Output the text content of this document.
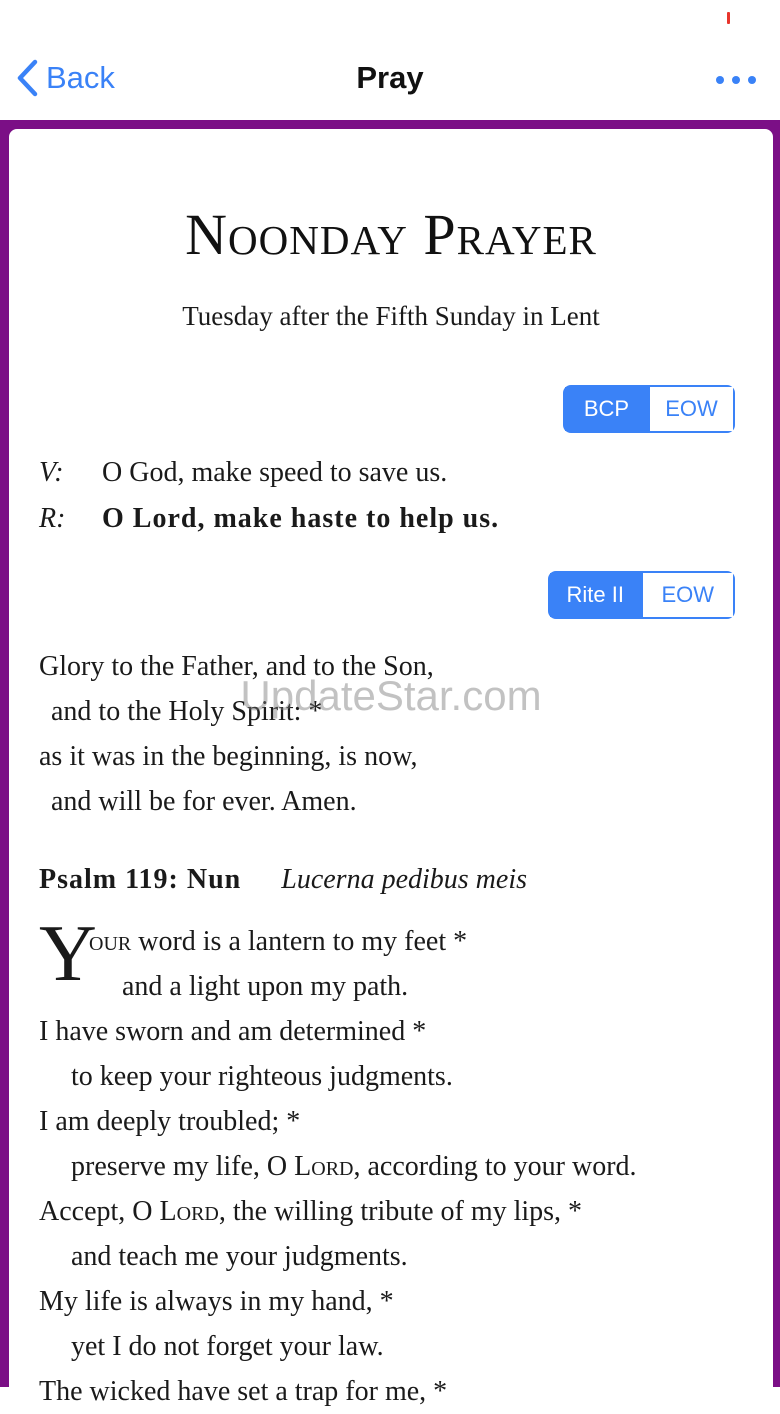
Back	Pray
Noonday Prayer
Tuesday after the Fifth Sunday in Lent
BCP	EOW
V: O God, make speed to save us.
R: O Lord, make haste to help us.
Rite II	EOW
Glory to the Father, and to the Son,
and to the Holy Spirit: *
as it was in the beginning, is now,
and will be for ever. Amen.
UpdateStar.com
Psalm 119: Nun Lucerna pedibus meis
Y
our word is a lantern to my feet *
and a light upon my path.
I have sworn and am determined *
to keep your righteous judgments.
I am deeply troubled; *
preserve my life, O Lord, according to your word.
Accept, O Lord, the willing tribute of my lips, *
and teach me your judgments.
My life is always in my hand, *
yet I do not forget your law.
The wicked have set a trap for me, *
